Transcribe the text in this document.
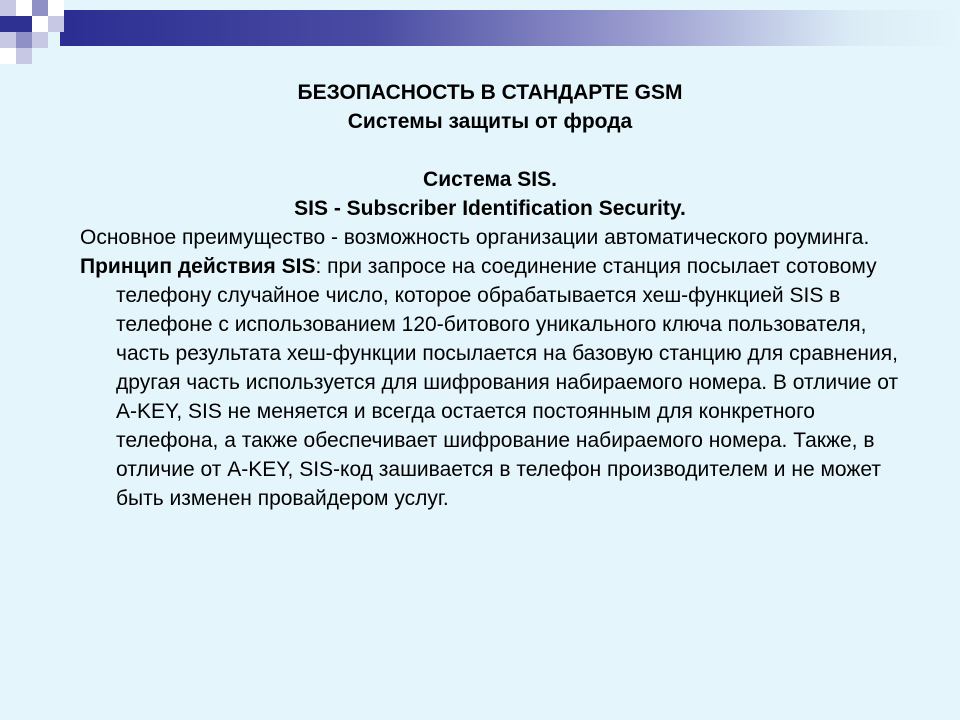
БЕЗОПАСНОСТЬ В СТАНДАРТЕ GSM
Системы защиты от фрода
Система SIS.
SIS - Subscriber Identification Security.

Основное преимущество - возможность организации автоматического роуминга.

Принцип действия SIS: при запросе на соединение станция посылает сотовому телефону случайное число, которое обрабатывается хеш-функцией SIS в телефоне с использованием 120-битового уникального ключа пользователя, часть результата хеш-функции посылается на базовую станцию для сравнения, другая часть используется для шифрования набираемого номера. В отличие от A-KEY, SIS не меняется и всегда остается постоянным для конкретного телефона, а также обеспечивает шифрование набираемого номера. Также, в отличие от A-KEY, SIS-код зашивается в телефон производителем и не может быть изменен провайдером услуг.
